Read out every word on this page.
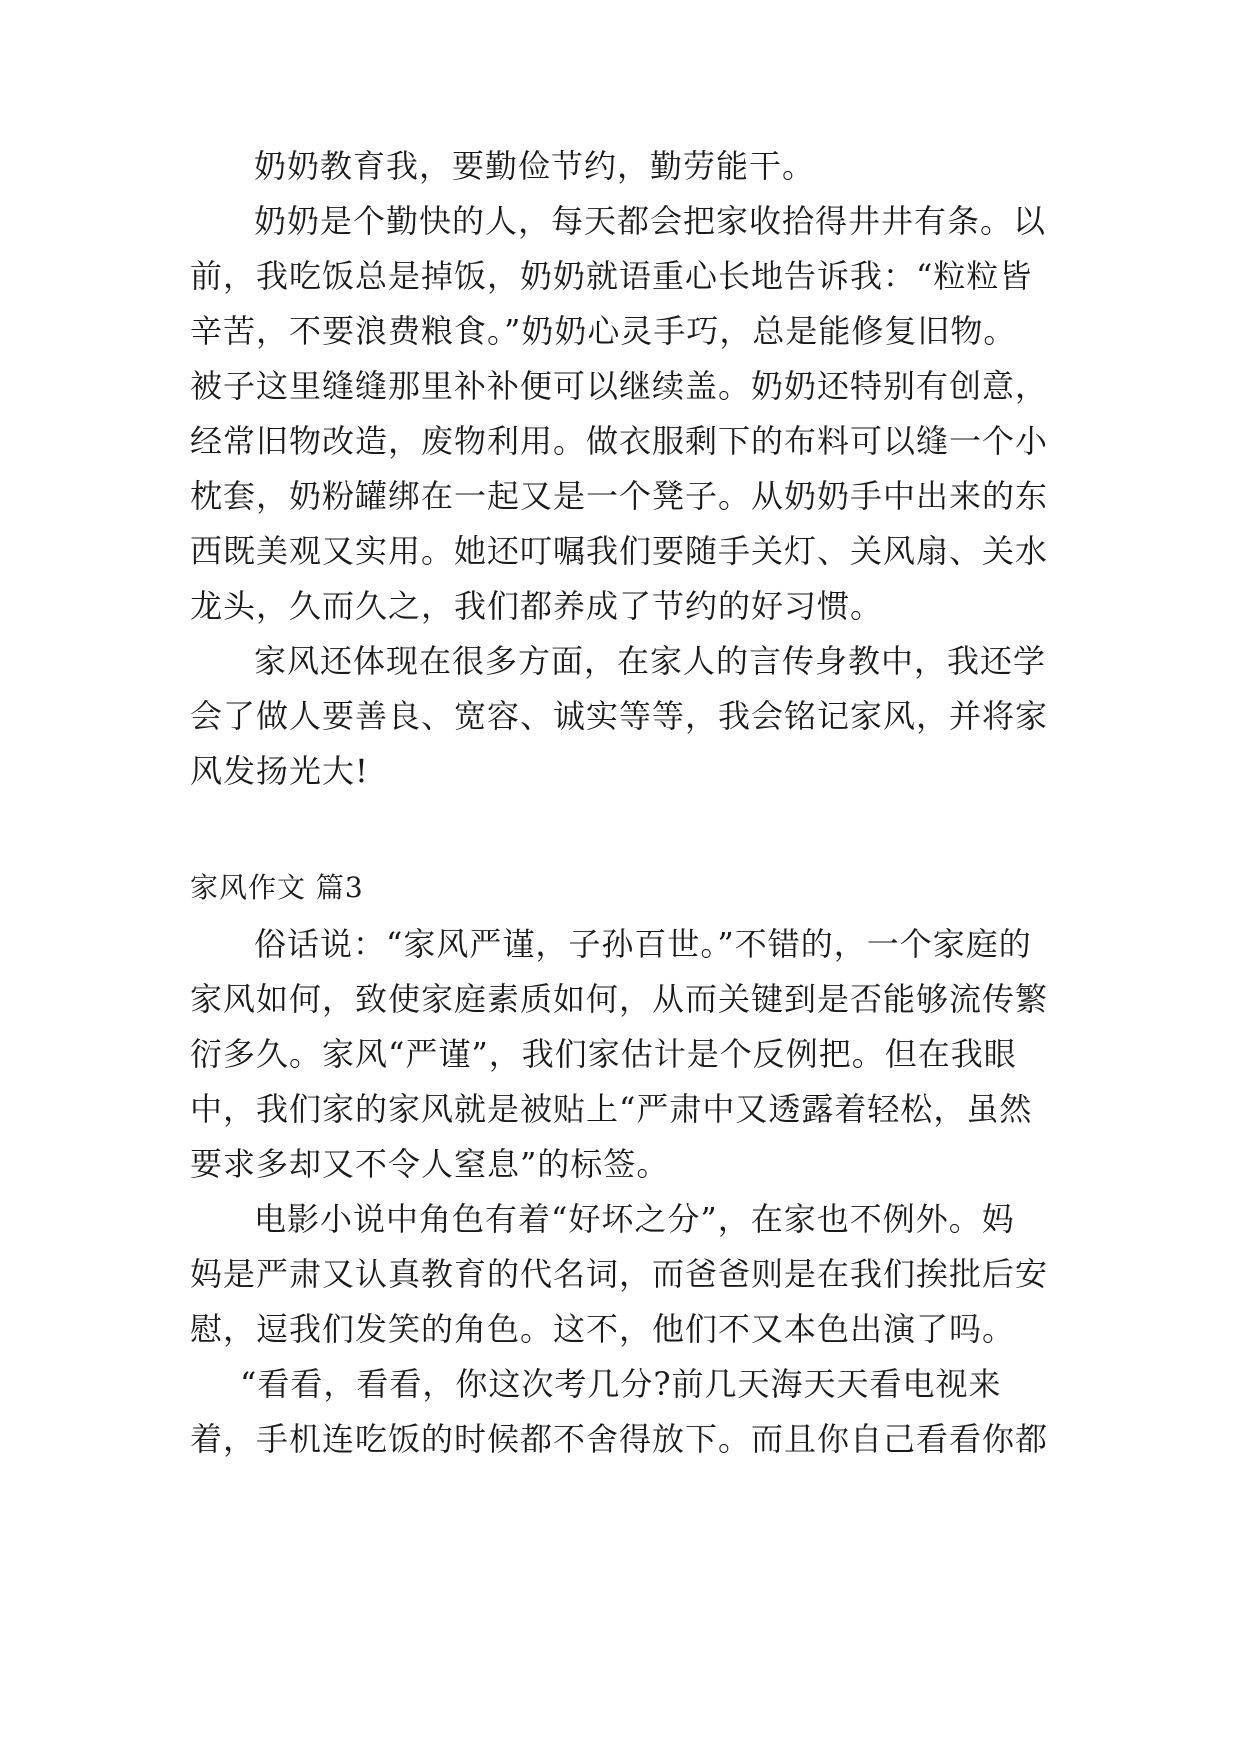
奶奶教育我，要勤俭节约，勤劳能干。
奶奶是个勤快的人，每天都会把家收拾得井井有条。以
前，我吃饭总是掉饭，奶奶就语重心长地告诉我：“粒粒皆
辛苦，不要浪费粮食。”奶奶心灵手巧，总是能修复旧物。
被子这里缝缝那里补补便可以继续盖。奶奶还特别有创意，
经常旧物改造，废物利用。做衣服剩下的布料可以缝一个小
枕套，奶粉罐绑在一起又是一个凳子。从奶奶手中出来的东
西既美观又实用。她还叮嘱我们要随手关灯、关风扇、关水
龙头，久而久之，我们都养成了节约的好习惯。
家风还体现在很多方面，在家人的言传身教中，我还学
会了做人要善良、宽容、诚实等等，我会铭记家风，并将家
风发扬光大!
家风作文 篇3
俗话说：“家风严谨，子孙百世。”不错的，一个家庭的
家风如何，致使家庭素质如何，从而关键到是否能够流传繁
衍多久。家风“严谨”，我们家估计是个反例把。但在我眼
中，我们家的家风就是被贴上“严肃中又透露着轻松，虽然
要求多却又不令人窒息”的标签。
电影小说中角色有着“好坏之分”，在家也不例外。妈
妈是严肃又认真教育的代名词，而爸爸则是在我们挨批后安
慰，逗我们发笑的角色。这不，他们不又本色出演了吗。
“看看，看看，你这次考几分?前几天海天天看电视来
着，手机连吃饭的时候都不舍得放下。而且你自己看看你都
